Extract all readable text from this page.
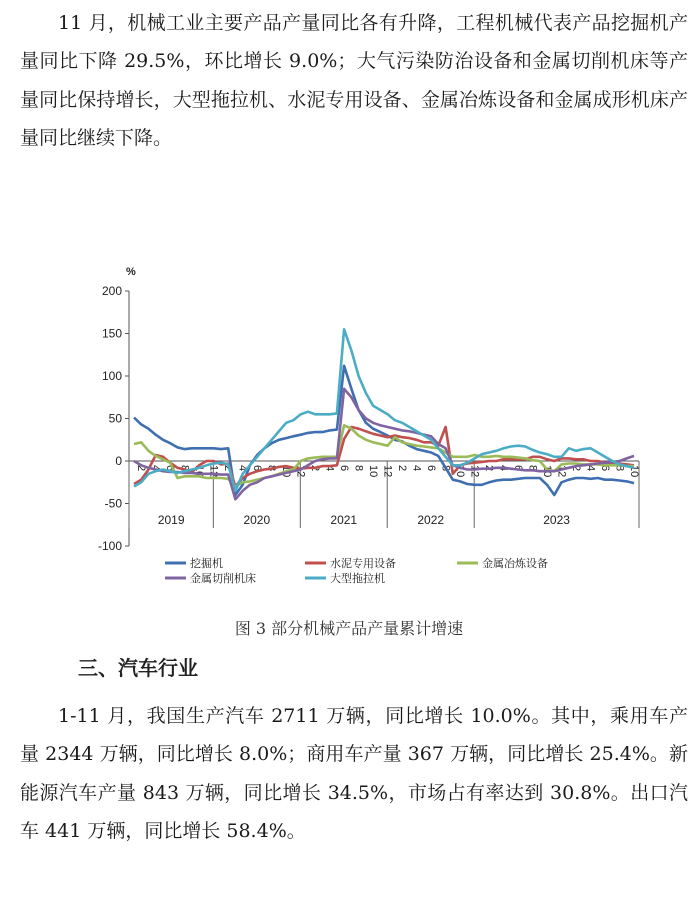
11 月，机械工业主要产品产量同比各有升降，工程机械代表产品挖掘机产量同比下降 29.5%，环比增长 9.0%；大气污染防治设备和金属切削机床等产量同比保持增长，大型拖拉机、水泥专用设备、金属冶炼设备和金属成形机床产量同比继续下降。

%
200
150
100
50
0
-50
-100
2019	2020	2021	2022	2023
2 4 6 8 10 12 2 4 6 8 10 12 2 4 6 8 10 12 2 4 6 8 10 12 2 4 6 8 10 12 2 4 6 8 10
挖掘机	水泥专用设备	金属冶炼设备
金属切削机床	大型拖拉机
图 3 部分机械产品产量累计增速
三、汽车行业

1-11 月，我国生产汽车 2711 万辆，同比增长 10.0%。其中，乘用车产量 2344 万辆，同比增长 8.0%；商用车产量 367 万辆，同比增长 25.4%。新能源汽车产量 843 万辆，同比增长 34.5%，市场占有率达到 30.8%。出口汽车 441 万辆，同比增长 58.4%。
